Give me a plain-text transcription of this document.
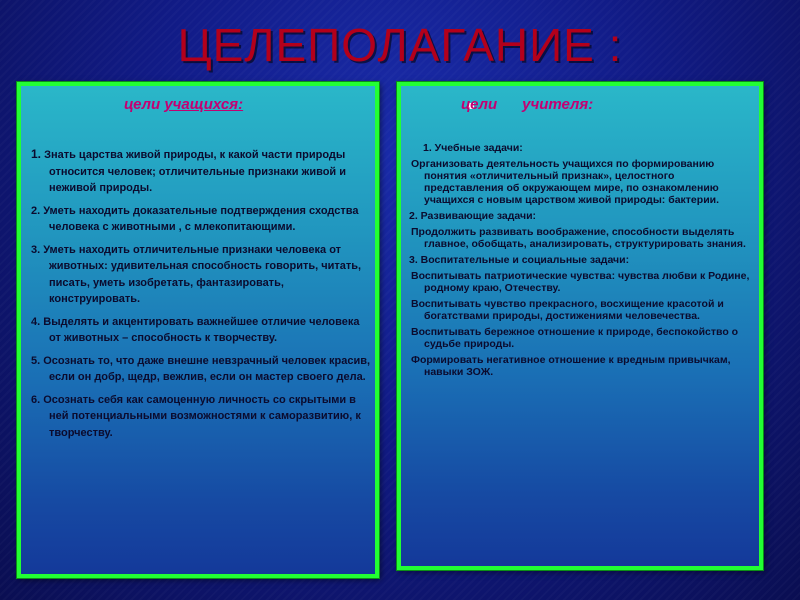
ЦЕЛЕПОЛАГАНИЕ :
цели учащихся:
1. Знать царства живой природы, к какой части природы относится человек; отличительные признаки живой и неживой природы.
2. Уметь находить доказательные подтверждения сходства человека с животными , с млекопитающими.
3. Уметь находить отличительные признаки человека от животных: удивительная способность говорить, читать, писать, уметь изобретать, фантазировать, конструировать.
4. Выделять и акцентировать важнейшее отличие человека от животных – способность к творчеству.
5. Осознать то, что даже внешне невзрачный человек красив, если он добр, щедр, вежлив, если он мастер своего дела.
6. Осознать себя как самоценную личность со скрытыми в ней потенциальными возможностями к саморазвитию, к творчеству.
цели      учителя:
1. Учебные задачи:
Организовать деятельность учащихся по формированию понятия «отличительный признак», целостного представления об окружающем мире, по ознакомлению учащихся с новым царством живой природы: бактерии.
2. Развивающие задачи:
Продолжить развивать воображение, способности выделять главное, обобщать, анализировать, структурировать знания.
3. Воспитательные и социальные задачи:
Воспитывать патриотические чувства: чувства любви к Родине, родному краю, Отечеству.
Воспитывать чувство прекрасного, восхищение красотой и богатствами природы, достижениями человечества.
Воспитывать бережное отношение к природе, беспокойство о судьбе природы.
Формировать негативное отношение к вредным привычкам, навыки ЗОЖ.
